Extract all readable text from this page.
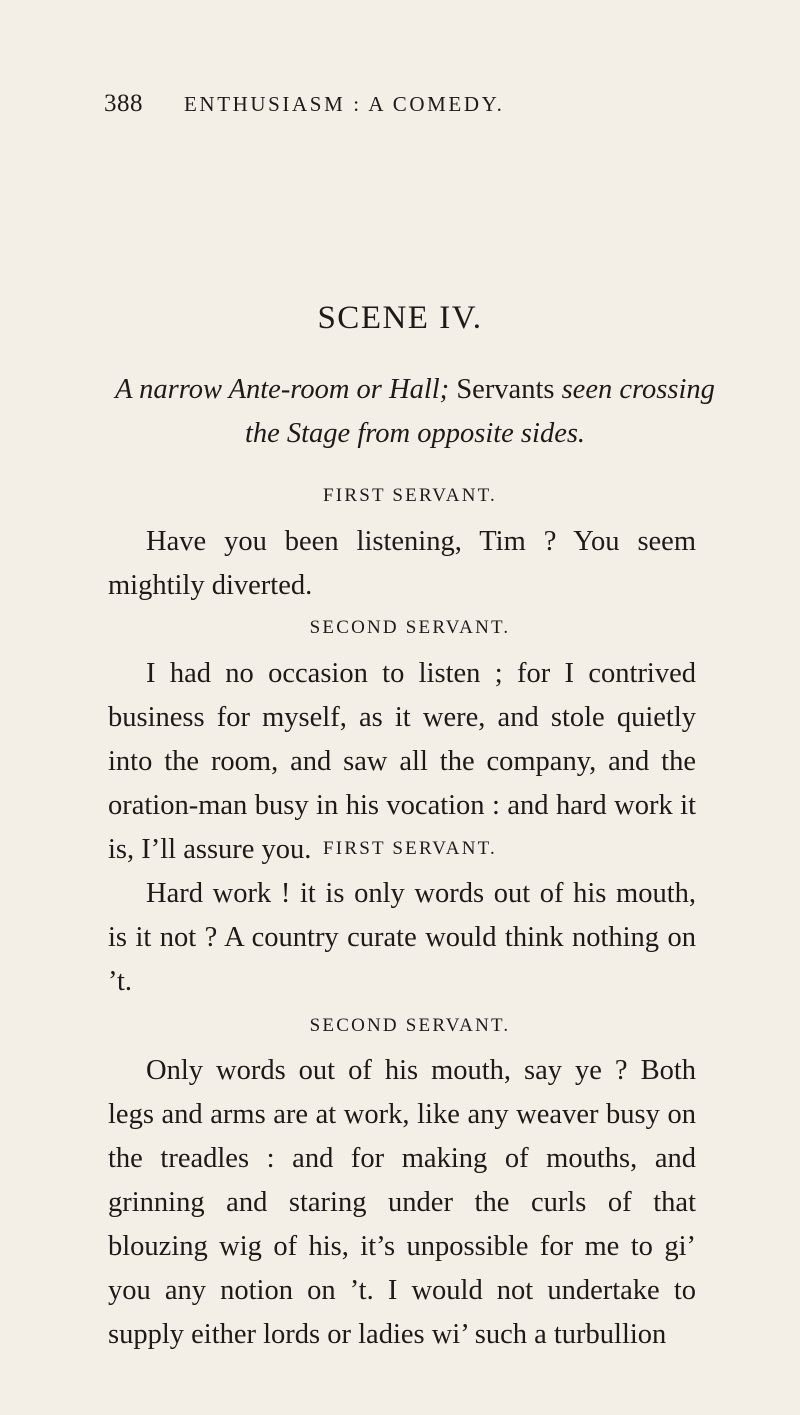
388 ENTHUSIASM : A COMEDY.
SCENE IV.
A narrow Ante-room or Hall; Servants seen crossing the Stage from opposite sides.
FIRST SERVANT.

Have you been listening, Tim ? You seem mightily diverted.

SECOND SERVANT.

I had no occasion to listen ; for I contrived business for myself, as it were, and stole quietly into the room, and saw all the company, and the oration-man busy in his vocation : and hard work it is, I’ll assure you. FIRST SERVANT.

Hard work ! it is only words out of his mouth, is it not ? A country curate would think nothing on ’t.

SECOND SERVANT.

Only words out of his mouth, say ye ? Both legs and arms are at work, like any weaver busy on the treadles : and for making of mouths, and grinning and staring under the curls of that blouzing wig of his, it’s unpossible for me to gi’ you any notion on ’t. I would not undertake to supply either lords or ladies wi’ such a turbullion
